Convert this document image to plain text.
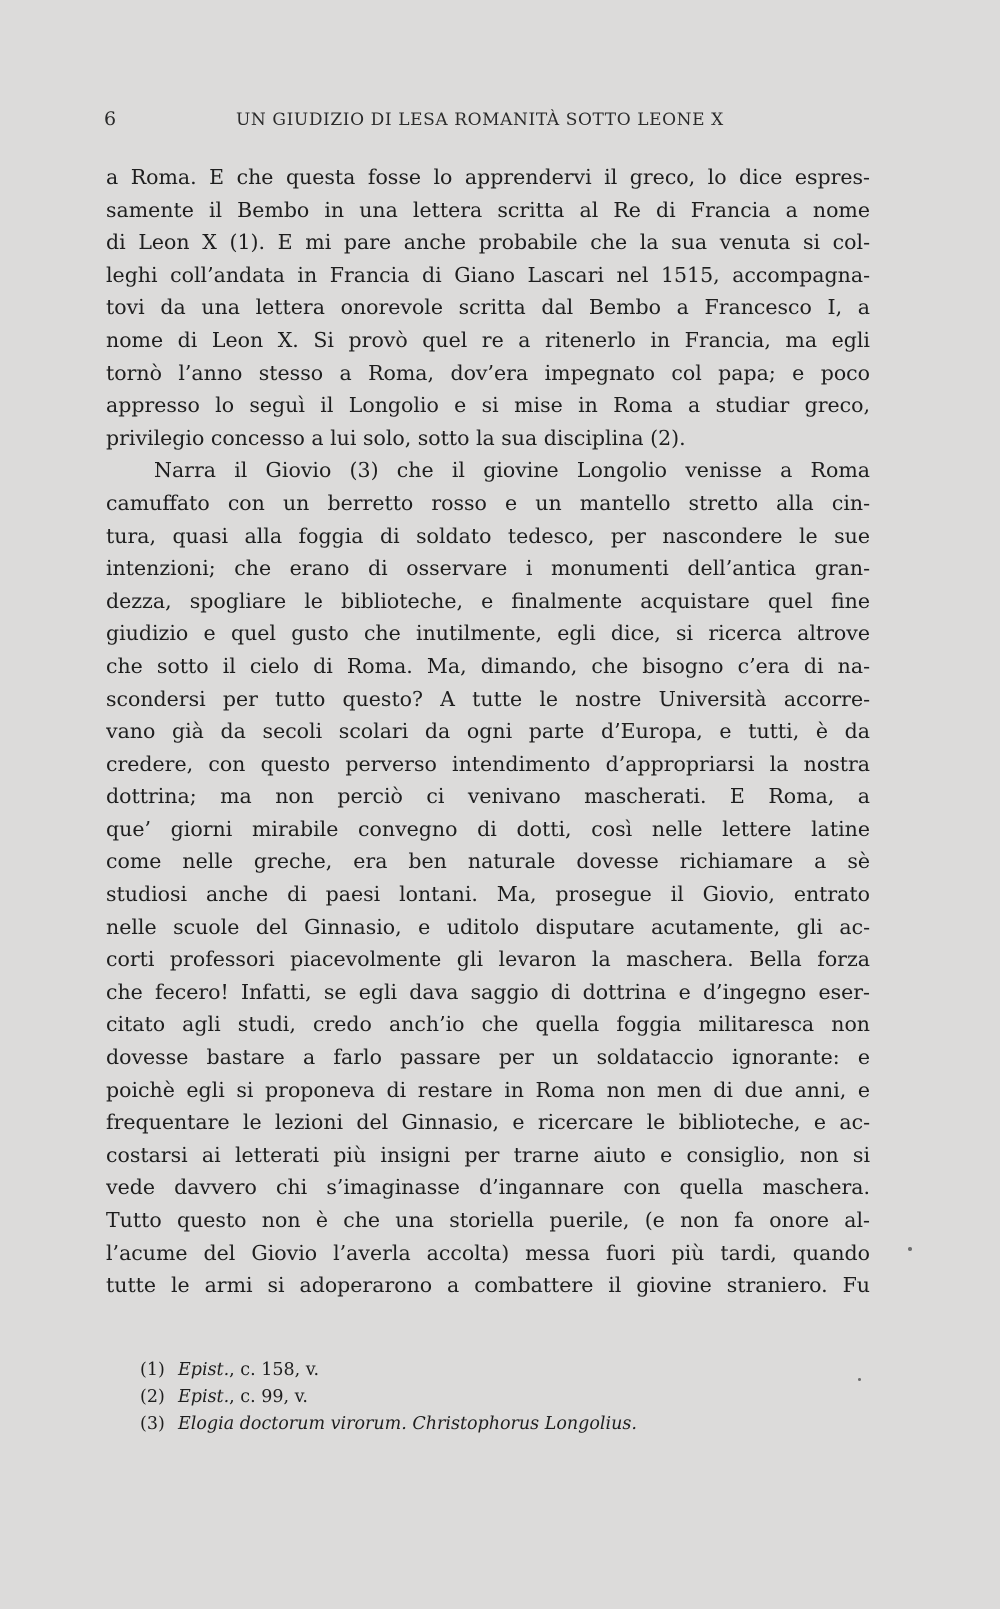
6	UN GIUDIZIO DI LESA ROMANITÀ SOTTO LEONE X
a Roma. E che questa fosse lo apprendervi il greco, lo dice espres-
samente il Bembo in una lettera scritta al Re di Francia a nome
di Leon X (1). E mi pare anche probabile che la sua venuta si col-
leghi coll’andata in Francia di Giano Lascari nel 1515, accompagna-
tovi da una lettera onorevole scritta dal Bembo a Francesco I, a
nome di Leon X. Si provò quel re a ritenerlo in Francia, ma egli
tornò l’anno stesso a Roma, dov’era impegnato col papa; e poco
appresso lo seguì il Longolio e si mise in Roma a studiar greco,
privilegio concesso a lui solo, sotto la sua disciplina (2).
Narra il Giovio (3) che il giovine Longolio venisse a Roma
camuffato con un berretto rosso e un mantello stretto alla cin-
tura, quasi alla foggia di soldato tedesco, per nascondere le sue
intenzioni; che erano di osservare i monumenti dell’antica gran-
dezza, spogliare le biblioteche, e finalmente acquistare quel fine
giudizio e quel gusto che inutilmente, egli dice, si ricerca altrove
che sotto il cielo di Roma. Ma, dimando, che bisogno c’era di na-
scondersi per tutto questo? A tutte le nostre Università accorre-
vano già da secoli scolari da ogni parte d’Europa, e tutti, è da
credere, con questo perverso intendimento d’appropriarsi la nostra
dottrina; ma non perciò ci venivano mascherati. E Roma, a
que’ giorni mirabile convegno di dotti, così nelle lettere latine
come nelle greche, era ben naturale dovesse richiamare a sè
studiosi anche di paesi lontani. Ma, prosegue il Giovio, entrato
nelle scuole del Ginnasio, e uditolo disputare acutamente, gli ac-
corti professori piacevolmente gli levaron la maschera. Bella forza
che fecero! Infatti, se egli dava saggio di dottrina e d’ingegno eser-
citato agli studi, credo anch’io che quella foggia militaresca non
dovesse bastare a farlo passare per un soldataccio ignorante: e
poichè egli si proponeva di restare in Roma non men di due anni, e
frequentare le lezioni del Ginnasio, e ricercare le biblioteche, e ac-
costarsi ai letterati più insigni per trarne aiuto e consiglio, non si
vede davvero chi s’imaginasse d’ingannare con quella maschera.
Tutto questo non è che una storiella puerile, (e non fa onore al-
l’acume del Giovio l’averla accolta) messa fuori più tardi, quando
tutte le armi si adoperarono a combattere il giovine straniero. Fu
(1) Epist., c. 158, v.
(2) Epist., c. 99, v.
(3) Elogia doctorum virorum. Christophorus Longolius.
